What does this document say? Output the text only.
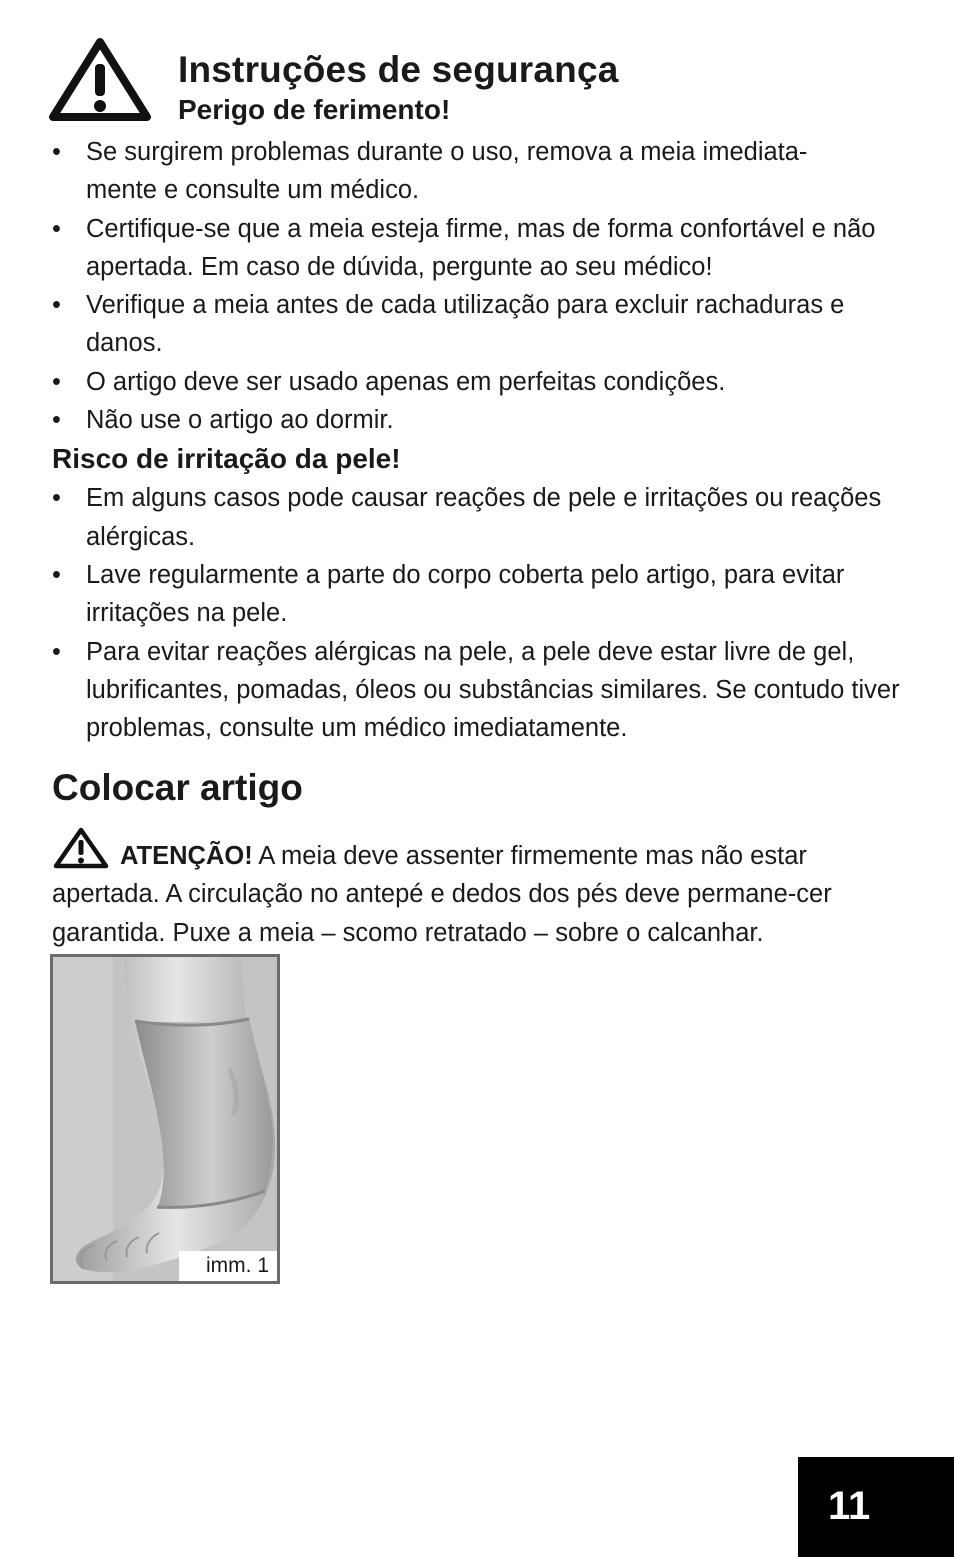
Instruções de segurança
Perigo de ferimento!
• Se surgirem problemas durante o uso, remova a meia imediata-
mente e consulte um médico.
• Certifique-se que a meia esteja firme, mas de forma confortável e não apertada. Em caso de dúvida, pergunte ao seu médico!
• Verifique a meia antes de cada utilização para excluir rachaduras e danos.
• O artigo deve ser usado apenas em perfeitas condições.
• Não use o artigo ao dormir.
Risco de irritação da pele!
• Em alguns casos pode causar reações de pele e irritações ou reações alérgicas.
• Lave regularmente a parte do corpo coberta pelo artigo, para evitar irritações na pele.
• Para evitar reações alérgicas na pele, a pele deve estar livre de gel, lubrificantes, pomadas, óleos ou substâncias similares. Se contudo tiver problemas, consulte um médico imediatamente.
Colocar artigo
ATENÇÃO! A meia deve assenter firmemente mas não estar apertada. A circulação no antepé e dedos dos pés deve permane-cer garantida. Puxe a meia – scomo retratado – sobre o calcanhar.
imm. 1
11
